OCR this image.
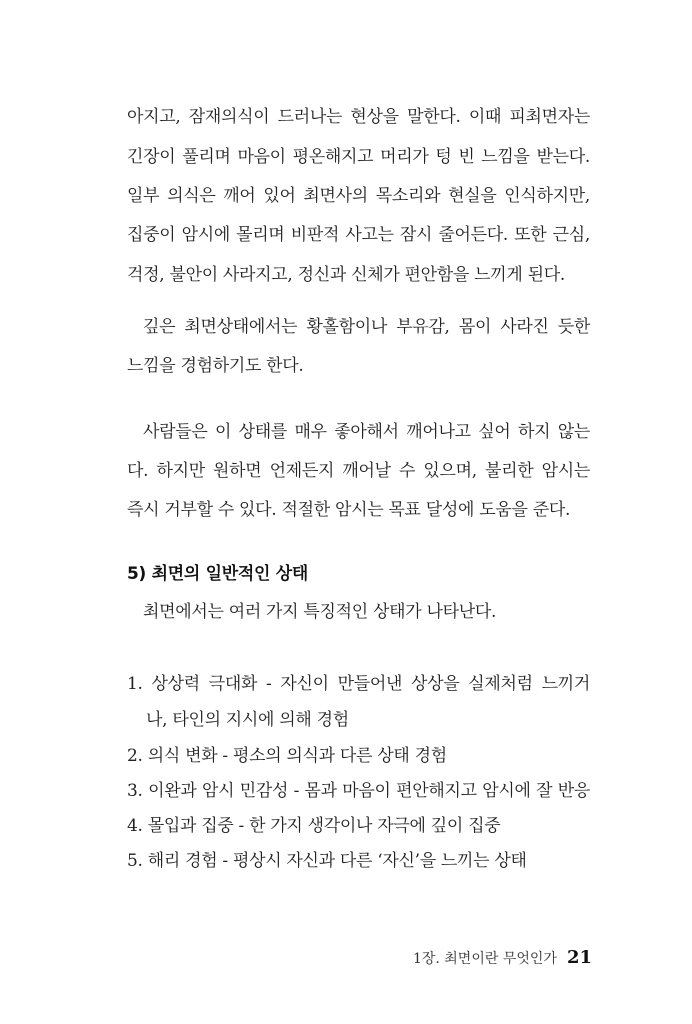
아지고, 잠재의식이 드러나는 현상을 말한다. 이때 피최면자는
긴장이 풀리며 마음이 평온해지고 머리가 텅 빈 느낌을 받는다.
일부 의식은 깨어 있어 최면사의 목소리와 현실을 인식하지만,
집중이 암시에 몰리며 비판적 사고는 잠시 줄어든다. 또한 근심,
걱정, 불안이 사라지고, 정신과 신체가 편안함을 느끼게 된다.
깊은 최면상태에서는 황홀함이나 부유감, 몸이 사라진 듯한
느낌을 경험하기도 한다.
사람들은 이 상태를 매우 좋아해서 깨어나고 싶어 하지 않는
다. 하지만 원하면 언제든지 깨어날 수 있으며, 불리한 암시는
즉시 거부할 수 있다. 적절한 암시는 목표 달성에 도움을 준다.
5) 최면의 일반적인 상태
최면에서는 여러 가지 특징적인 상태가 나타난다.
1. 상상력 극대화 - 자신이 만들어낸 상상을 실제처럼 느끼거
나, 타인의 지시에 의해 경험
2. 의식 변화 - 평소의 의식과 다른 상태 경험
3. 이완과 암시 민감성 - 몸과 마음이 편안해지고 암시에 잘 반응
4. 몰입과 집중 - 한 가지 생각이나 자극에 깊이 집중
5. 해리 경험 - 평상시 자신과 다른 ‘자신’을 느끼는 상태
1장. 최면이란 무엇인가 21
